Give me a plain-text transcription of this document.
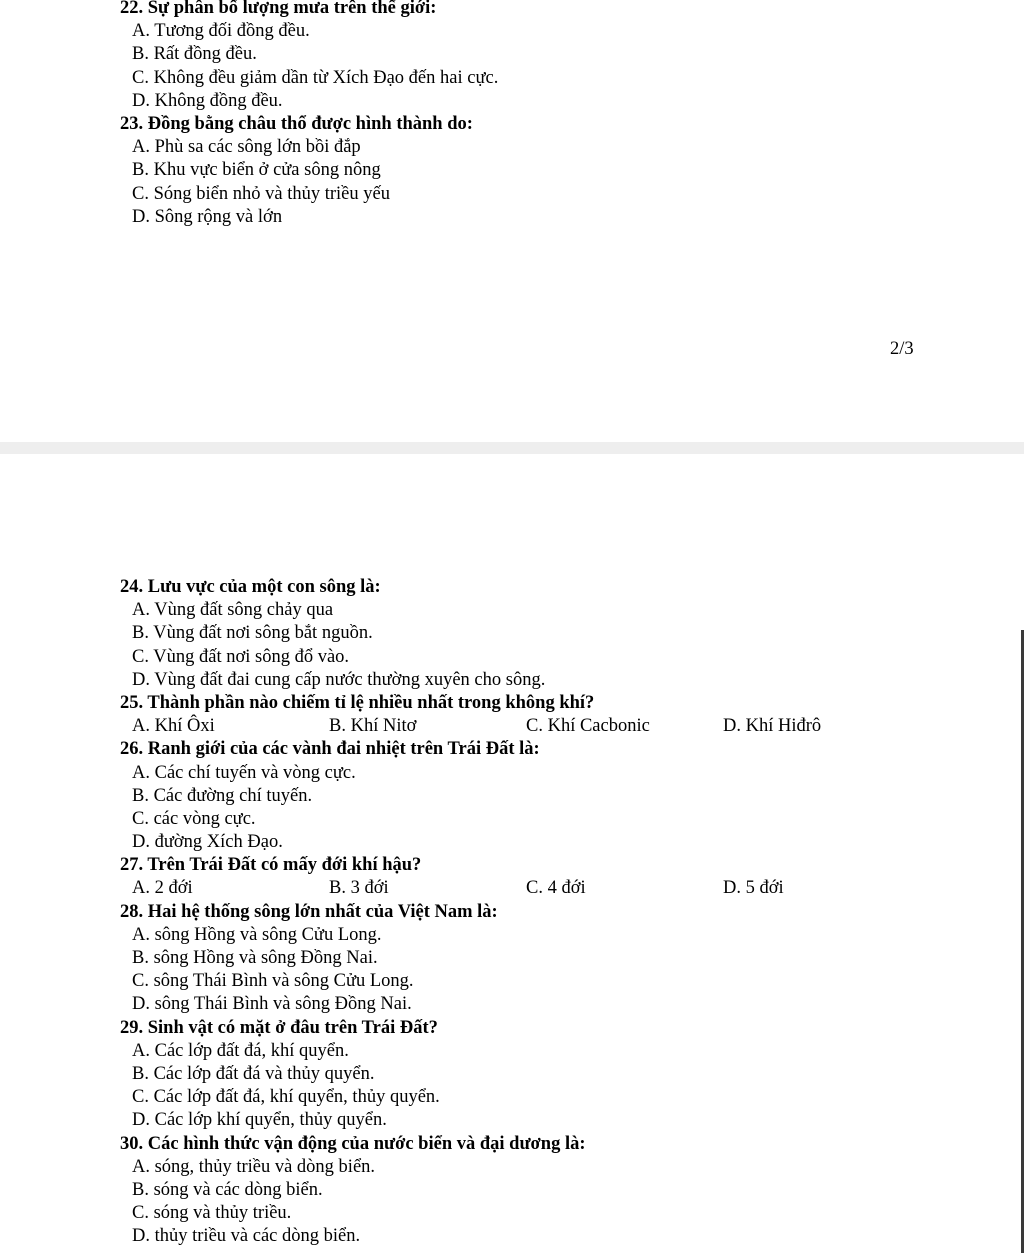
22. Sự phân bố lượng mưa trên thế giới:
A. Tương đối đồng đều.
B. Rất đồng đều.
C. Không đều giảm dần từ Xích Đạo đến hai cực.
D. Không đồng đều.
23. Đồng bằng châu thổ được hình thành do:
A. Phù sa các sông lớn bồi đắp
B. Khu vực biển ở cửa sông nông
C. Sóng biển nhỏ và thủy triều yếu
D. Sông rộng và lớn
2/3
24. Lưu vực của một con sông là:
A. Vùng đất sông chảy qua
B. Vùng đất nơi sông bắt nguồn.
C. Vùng đất nơi sông đổ vào.
D. Vùng đất đai cung cấp nước thường xuyên cho sông.
25. Thành phần nào chiếm tỉ lệ nhiều nhất trong không khí?
A. Khí Ôxi	B. Khí Nitơ	C. Khí Cacbonic	D. Khí Hiđrô
26. Ranh giới của các vành đai nhiệt trên Trái Đất là:
A. Các chí tuyến và vòng cực.
B. Các đường chí tuyến.
C. các vòng cực.
D. đường Xích Đạo.
27. Trên Trái Đất có mấy đới khí hậu?
A. 2 đới	B. 3 đới	C. 4 đới	D. 5 đới
28. Hai hệ thống sông lớn nhất của Việt Nam là:
A. sông Hồng và sông Cửu Long.
B. sông Hồng và sông Đồng Nai.
C. sông Thái Bình và sông Cửu Long.
D. sông Thái Bình và sông Đồng Nai.
29. Sinh vật có mặt ở đâu trên Trái Đất?
A. Các lớp đất đá, khí quyển.
B. Các lớp đất đá và thủy quyển.
C. Các lớp đất đá, khí quyển, thủy quyển.
D. Các lớp khí quyển, thủy quyển.
30. Các hình thức vận động của nước biển và đại dương là:
A. sóng, thủy triều và dòng biển.
B. sóng và các dòng biển.
C. sóng và thủy triều.
D. thủy triều và các dòng biển.
